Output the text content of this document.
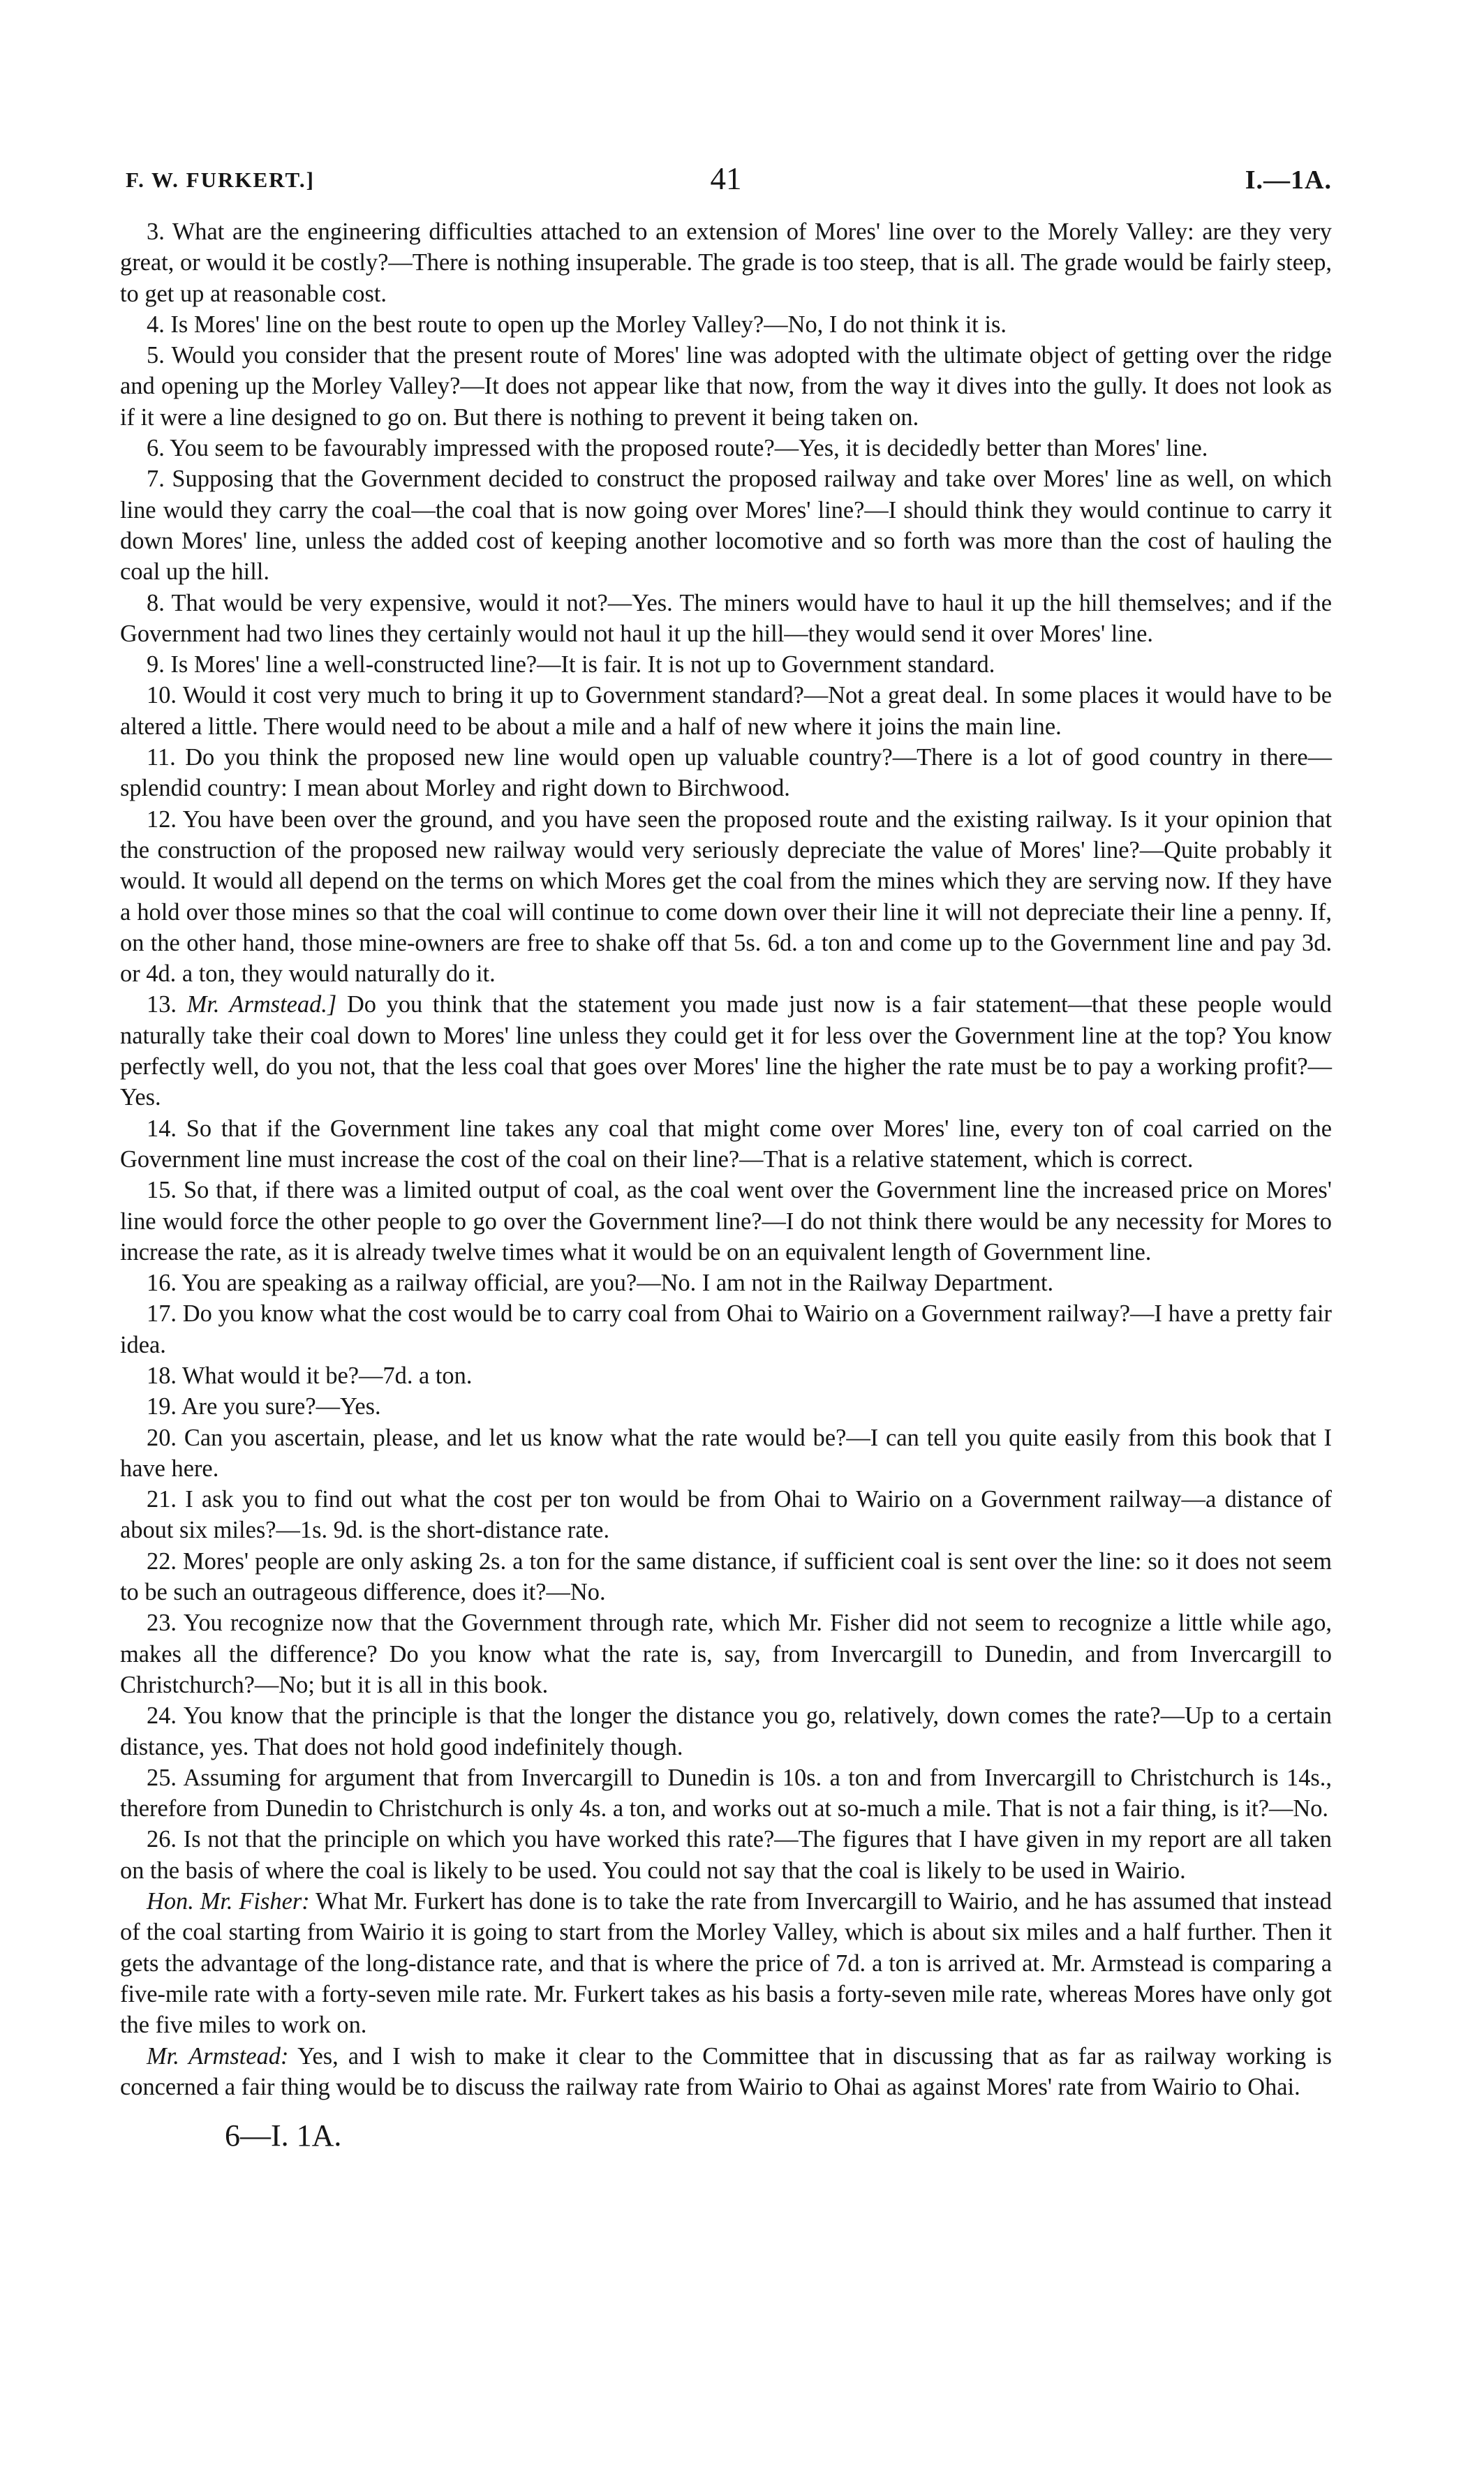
F. W. FURKERT.]	41	I.—1A.

3. What are the engineering difficulties attached to an extension of Mores' line over to the Morely Valley: are they very great, or would it be costly?—There is nothing insuperable. The grade is too steep, that is all. The grade would be fairly steep, to get up at reasonable cost.

4. Is Mores' line on the best route to open up the Morley Valley?—No, I do not think it is.

5. Would you consider that the present route of Mores' line was adopted with the ultimate object of getting over the ridge and opening up the Morley Valley?—It does not appear like that now, from the way it dives into the gully. It does not look as if it were a line designed to go on. But there is nothing to prevent it being taken on.

6. You seem to be favourably impressed with the proposed route?—Yes, it is decidedly better than Mores' line.

7. Supposing that the Government decided to construct the proposed railway and take over Mores' line as well, on which line would they carry the coal—the coal that is now going over Mores' line?—I should think they would continue to carry it down Mores' line, unless the added cost of keeping another locomotive and so forth was more than the cost of hauling the coal up the hill.

8. That would be very expensive, would it not?—Yes. The miners would have to haul it up the hill themselves; and if the Government had two lines they certainly would not haul it up the hill—they would send it over Mores' line.

9. Is Mores' line a well-constructed line?—It is fair. It is not up to Government standard.

10. Would it cost very much to bring it up to Government standard?—Not a great deal. In some places it would have to be altered a little. There would need to be about a mile and a half of new where it joins the main line.

11. Do you think the proposed new line would open up valuable country?—There is a lot of good country in there—splendid country: I mean about Morley and right down to Birchwood.

12. You have been over the ground, and you have seen the proposed route and the existing railway. Is it your opinion that the construction of the proposed new railway would very seriously depreciate the value of Mores' line?—Quite probably it would. It would all depend on the terms on which Mores get the coal from the mines which they are serving now. If they have a hold over those mines so that the coal will continue to come down over their line it will not depreciate their line a penny. If, on the other hand, those mine-owners are free to shake off that 5s. 6d. a ton and come up to the Government line and pay 3d. or 4d. a ton, they would naturally do it.

13. Mr. Armstead.] Do you think that the statement you made just now is a fair statement—that these people would naturally take their coal down to Mores' line unless they could get it for less over the Government line at the top? You know perfectly well, do you not, that the less coal that goes over Mores' line the higher the rate must be to pay a working profit?—Yes.

14. So that if the Government line takes any coal that might come over Mores' line, every ton of coal carried on the Government line must increase the cost of the coal on their line?—That is a relative statement, which is correct.

15. So that, if there was a limited output of coal, as the coal went over the Government line the increased price on Mores' line would force the other people to go over the Government line?—I do not think there would be any necessity for Mores to increase the rate, as it is already twelve times what it would be on an equivalent length of Government line.

16. You are speaking as a railway official, are you?—No. I am not in the Railway Department.

17. Do you know what the cost would be to carry coal from Ohai to Wairio on a Government railway?—I have a pretty fair idea.

18. What would it be?—7d. a ton.

19. Are you sure?—Yes.

20. Can you ascertain, please, and let us know what the rate would be?—I can tell you quite easily from this book that I have here.

21. I ask you to find out what the cost per ton would be from Ohai to Wairio on a Government railway—a distance of about six miles?—1s. 9d. is the short-distance rate.

22. Mores' people are only asking 2s. a ton for the same distance, if sufficient coal is sent over the line: so it does not seem to be such an outrageous difference, does it?—No.

23. You recognize now that the Government through rate, which Mr. Fisher did not seem to recognize a little while ago, makes all the difference? Do you know what the rate is, say, from Invercargill to Dunedin, and from Invercargill to Christchurch?—No; but it is all in this book.

24. You know that the principle is that the longer the distance you go, relatively, down comes the rate?—Up to a certain distance, yes. That does not hold good indefinitely though.

25. Assuming for argument that from Invercargill to Dunedin is 10s. a ton and from Invercargill to Christchurch is 14s., therefore from Dunedin to Christchurch is only 4s. a ton, and works out at so-much a mile. That is not a fair thing, is it?—No.

26. Is not that the principle on which you have worked this rate?—The figures that I have given in my report are all taken on the basis of where the coal is likely to be used. You could not say that the coal is likely to be used in Wairio.

Hon. Mr. Fisher: What Mr. Furkert has done is to take the rate from Invercargill to Wairio, and he has assumed that instead of the coal starting from Wairio it is going to start from the Morley Valley, which is about six miles and a half further. Then it gets the advantage of the long-distance rate, and that is where the price of 7d. a ton is arrived at. Mr. Armstead is comparing a five-mile rate with a forty-seven mile rate. Mr. Furkert takes as his basis a forty-seven mile rate, whereas Mores have only got the five miles to work on.

Mr. Armstead: Yes, and I wish to make it clear to the Committee that in discussing that as far as railway working is concerned a fair thing would be to discuss the railway rate from Wairio to Ohai as against Mores' rate from Wairio to Ohai.

6—I. 1A.
